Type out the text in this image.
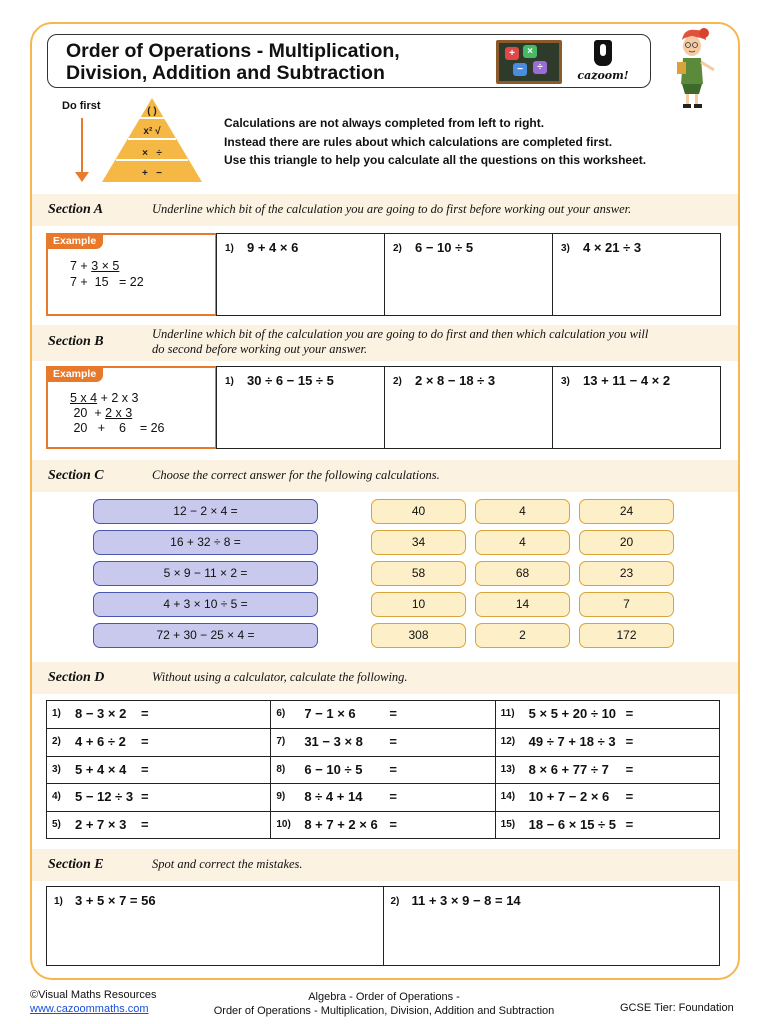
Order of Operations - Multiplication,
Division, Addition and Subtraction
+	×
−	÷
cazoom!
Do first	( )
x² √
×   ÷
+   −
Calculations are not always completed from left to right.
Instead there are rules about which calculations are completed first.
Use this triangle to help you calculate all the questions on this worksheet.
Section A	Underline which bit of the calculation you are going to do first before working out your answer.
Example
7 + 3 × 5
7 +  15   = 22
1) 9 + 4 × 6	2) 6 − 10 ÷ 5	3) 4 × 21 ÷ 3
Section B	Underline which bit of the calculation you are going to do first and then which calculation you will
do second before working out your answer.
Example
5 x 4 + 2 x 3
20  + 2 x 3
20   +    6    = 26
1) 30 ÷ 6 − 15 ÷ 5	2) 2 × 8 − 18 ÷ 3	3) 13 + 11 − 4 × 2
Section C	Choose the correct answer for the following calculations.
12 − 2 × 4 =
16 + 32 ÷ 8 =
5 × 9 − 11 × 2 =
4 + 3 × 10 ÷ 5 =
72 + 30 − 25 × 4 =
40	4	24
34	4	20
58	68	23
10	14	7
308	2	172
Section D	Without using a calculator, calculate the following.
1) 8 − 3 × 2 =	6) 7 − 1 × 6	=	11) 5 × 5 + 20 ÷ 10 =
2) 4 + 6 ÷ 2 =	7) 31 − 3 × 8 =	12) 49 ÷ 7 + 18 ÷ 3 =
3) 5 + 4 × 4 =	8) 6 − 10 ÷ 5 =	13) 8 × 6 + 77 ÷ 7 =
4) 5 − 12 ÷ 3 =	9) 8 ÷ 4 + 14 =	14) 10 + 7 − 2 × 6 =
5) 2 + 7 × 3 =	10) 8 + 7 + 2 × 6 =	15) 18 − 6 × 15 ÷ 5 =
Section E	Spot and correct the mistakes.
1) 3 + 5 × 7 = 56	2) 11 + 3 × 9 − 8 = 14
©Visual Maths Resources
www.cazoommaths.com
Algebra - Order of Operations -
Order of Operations - Multiplication, Division, Addition and Subtraction	GCSE Tier: Foundation
